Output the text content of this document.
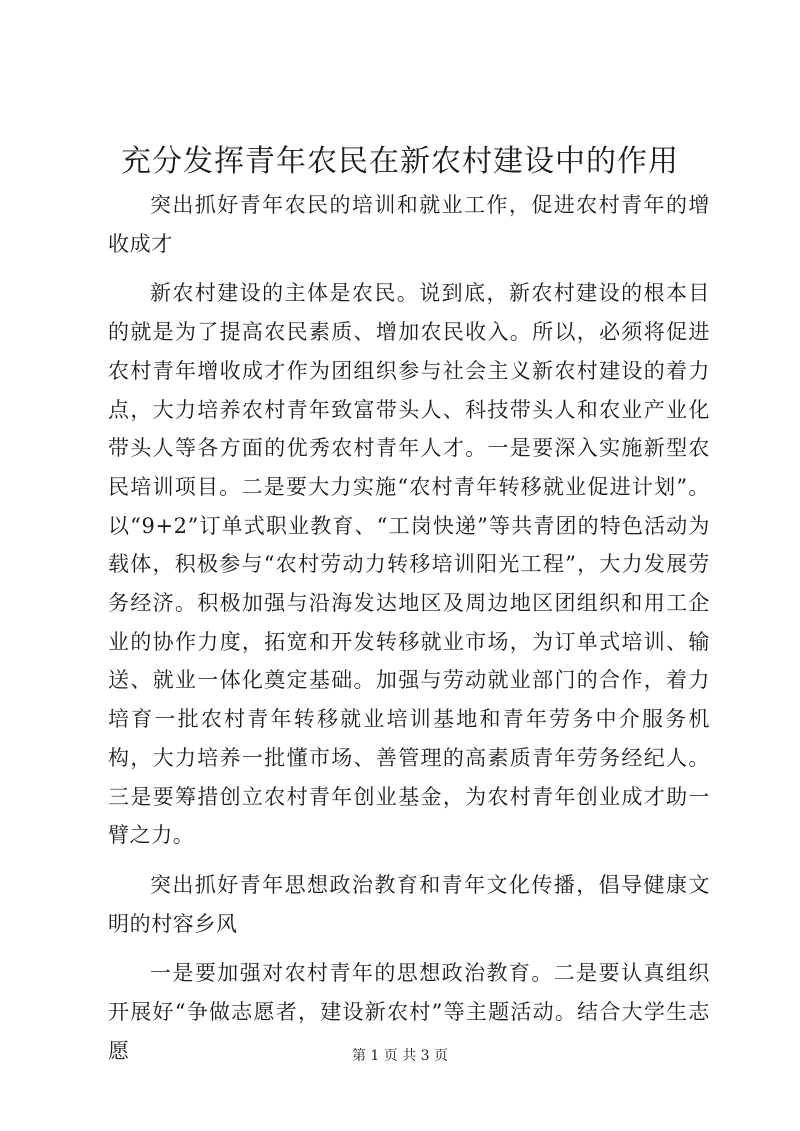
充分发挥青年农民在新农村建设中的作用

突出抓好青年农民的培训和就业工作，促进农村青年的增收成才

新农村建设的主体是农民。说到底，新农村建设的根本目的就是为了提高农民素质、增加农民收入。所以，必须将促进农村青年增收成才作为团组织参与社会主义新农村建设的着力点，大力培养农村青年致富带头人、科技带头人和农业产业化带头人等各方面的优秀农村青年人才。一是要深入实施新型农民培训项目。二是要大力实施“农村青年转移就业促进计划”。以“9+2”订单式职业教育、“工岗快递”等共青团的特色活动为载体，积极参与“农村劳动力转移培训阳光工程”，大力发展劳务经济。积极加强与沿海发达地区及周边地区团组织和用工企业的协作力度，拓宽和开发转移就业市场，为订单式培训、输送、就业一体化奠定基础。加强与劳动就业部门的合作，着力培育一批农村青年转移就业培训基地和青年劳务中介服务机构，大力培养一批懂市场、善管理的高素质青年劳务经纪人。三是要筹措创立农村青年创业基金，为农村青年创业成才助一臂之力。

突出抓好青年思想政治教育和青年文化传播，倡导健康文明的村容乡风

一是要加强对农村青年的思想政治教育。二是要认真组织开展好“争做志愿者，建设新农村”等主题活动。结合大学生志愿	第 1 页 共 3 页
